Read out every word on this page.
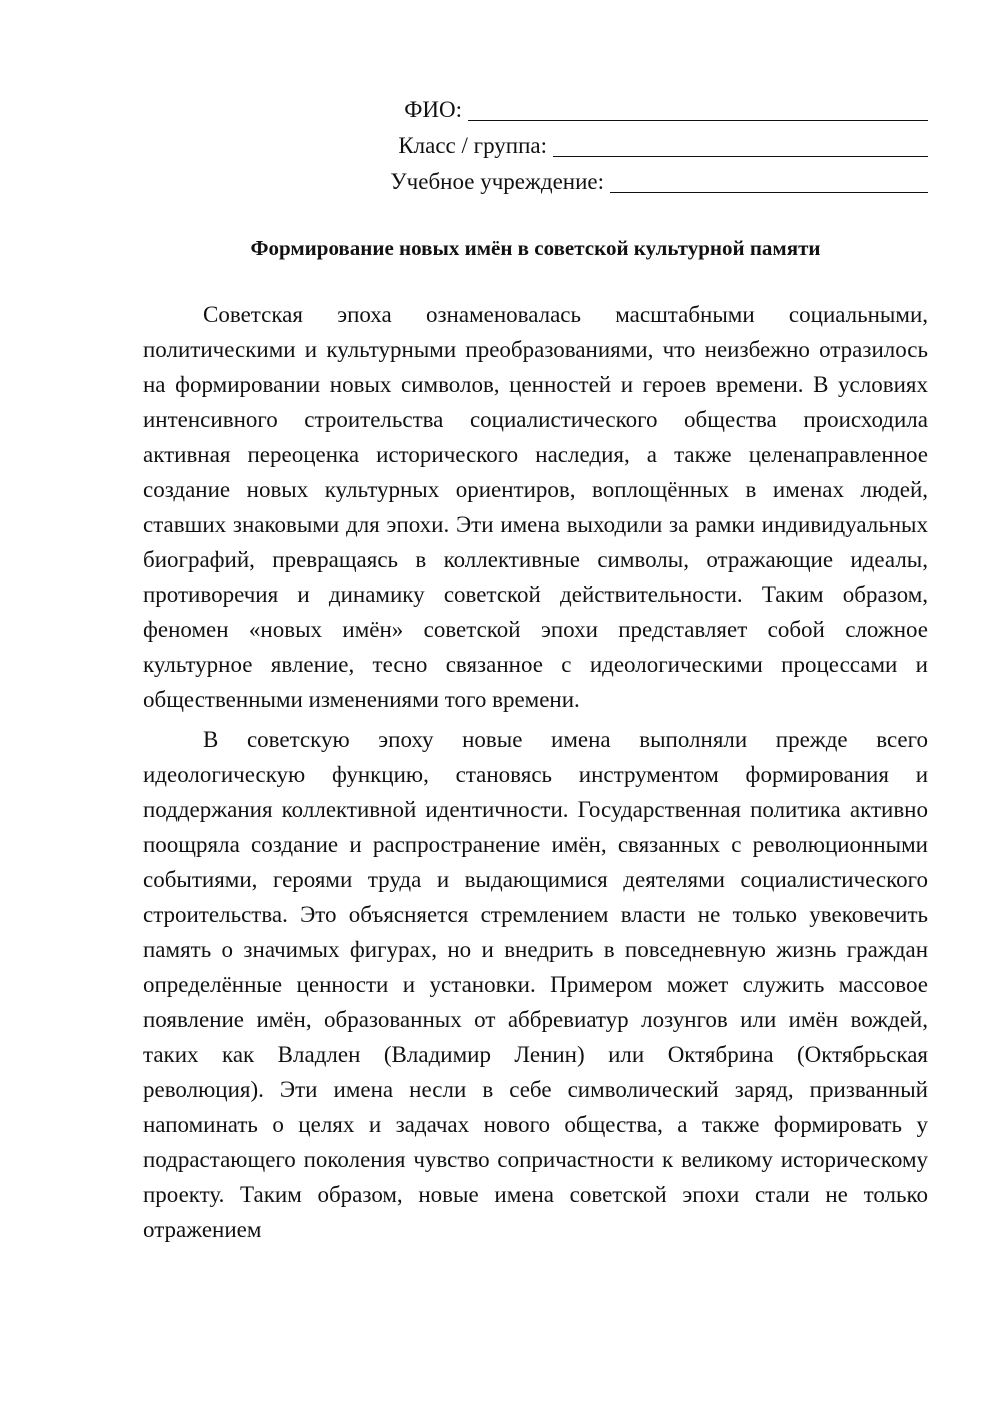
ФИО:
Класс / группа:
Учебное учреждение:
Формирование новых имён в советской культурной памяти

Советская эпоха ознаменовалась масштабными социальными, политическими и культурными преобразованиями, что неизбежно отразилось на формировании новых символов, ценностей и героев времени. В условиях интенсивного строительства социалистического общества происходила активная переоценка исторического наследия, а также целенаправленное создание новых культурных ориентиров, воплощённых в именах людей, ставших знаковыми для эпохи. Эти имена выходили за рамки индивидуальных биографий, превращаясь в коллективные символы, отражающие идеалы, противоречия и динамику советской действительности. Таким образом, феномен «новых имён» советской эпохи представляет собой сложное культурное явление, тесно связанное с идеологическими процессами и общественными изменениями того времени.

В советскую эпоху новые имена выполняли прежде всего идеологическую функцию, становясь инструментом формирования и поддержания коллективной идентичности. Государственная политика активно поощряла создание и распространение имён, связанных с революционными событиями, героями труда и выдающимися деятелями социалистического строительства. Это объясняется стремлением власти не только увековечить память о значимых фигурах, но и внедрить в повседневную жизнь граждан определённые ценности и установки. Примером может служить массовое появление имён, образованных от аббревиатур лозунгов или имён вождей, таких как Владлен (Владимир Ленин) или Октябрина (Октябрьская революция). Эти имена несли в себе символический заряд, призванный напоминать о целях и задачах нового общества, а также формировать у подрастающего поколения чувство сопричастности к великому историческому проекту. Таким образом, новые имена советской эпохи стали не только отражением
